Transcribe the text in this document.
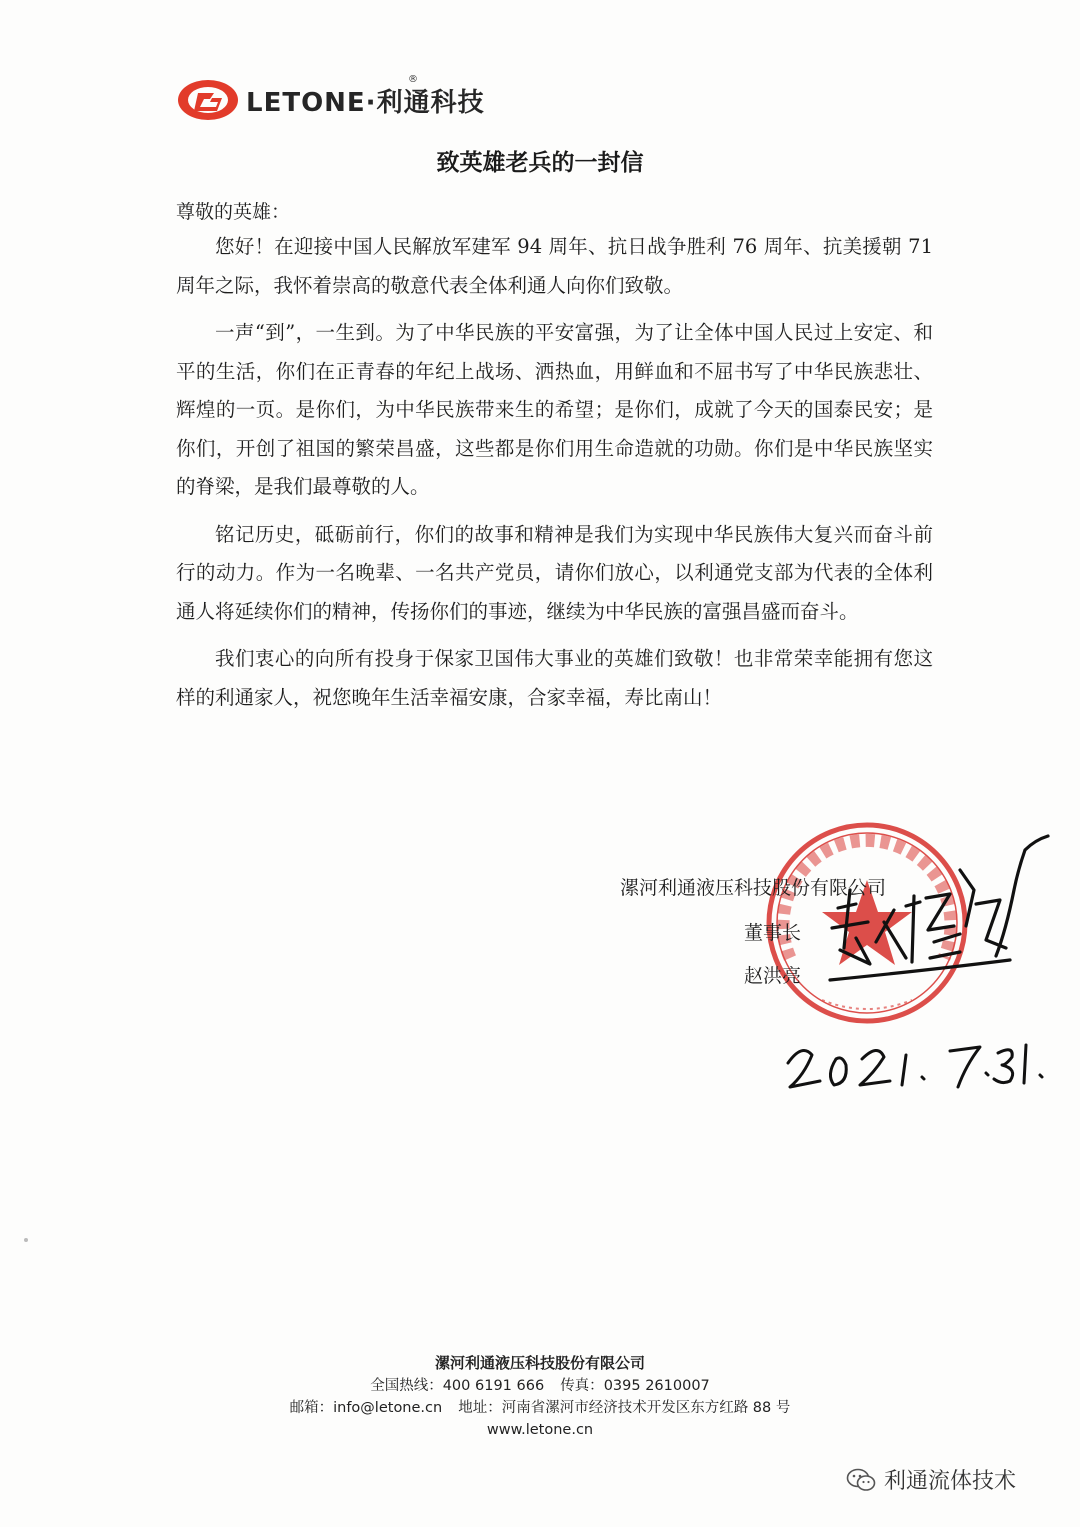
LETONE·利通科技
®
致英雄老兵的一封信
尊敬的英雄：

您好！在迎接中国人民解放军建军 94 周年、抗日战争胜利 76 周年、抗美援朝 71 周年之际，我怀着崇高的敬意代表全体利通人向你们致敬。

一声“到”，一生到。为了中华民族的平安富强，为了让全体中国人民过上安定、和平的生活，你们在正青春的年纪上战场、洒热血，用鲜血和不屈书写了中华民族悲壮、辉煌的一页。是你们，为中华民族带来生的希望；是你们，成就了今天的国泰民安；是你们，开创了祖国的繁荣昌盛，这些都是你们用生命造就的功勋。你们是中华民族坚实的脊梁，是我们最尊敬的人。

铭记历史，砥砺前行，你们的故事和精神是我们为实现中华民族伟大复兴而奋斗前行的动力。作为一名晚辈、一名共产党员，请你们放心，以利通党支部为代表的全体利通人将延续你们的精神，传扬你们的事迹，继续为中华民族的富强昌盛而奋斗。

我们衷心的向所有投身于保家卫国伟大事业的英雄们致敬！也非常荣幸能拥有您这样的利通家人，祝您晚年生活幸福安康，合家幸福，寿比南山！

漯河利通液压科技股份有限公司
董事长
赵洪亮
漯河利通液压科技股份有限公司
全国热线：400 6191 666 传真：0395 2610007
邮箱：info@letone.cn 地址：河南省漯河市经济技术开发区东方红路 88 号
www.letone.cn
利通流体技术
